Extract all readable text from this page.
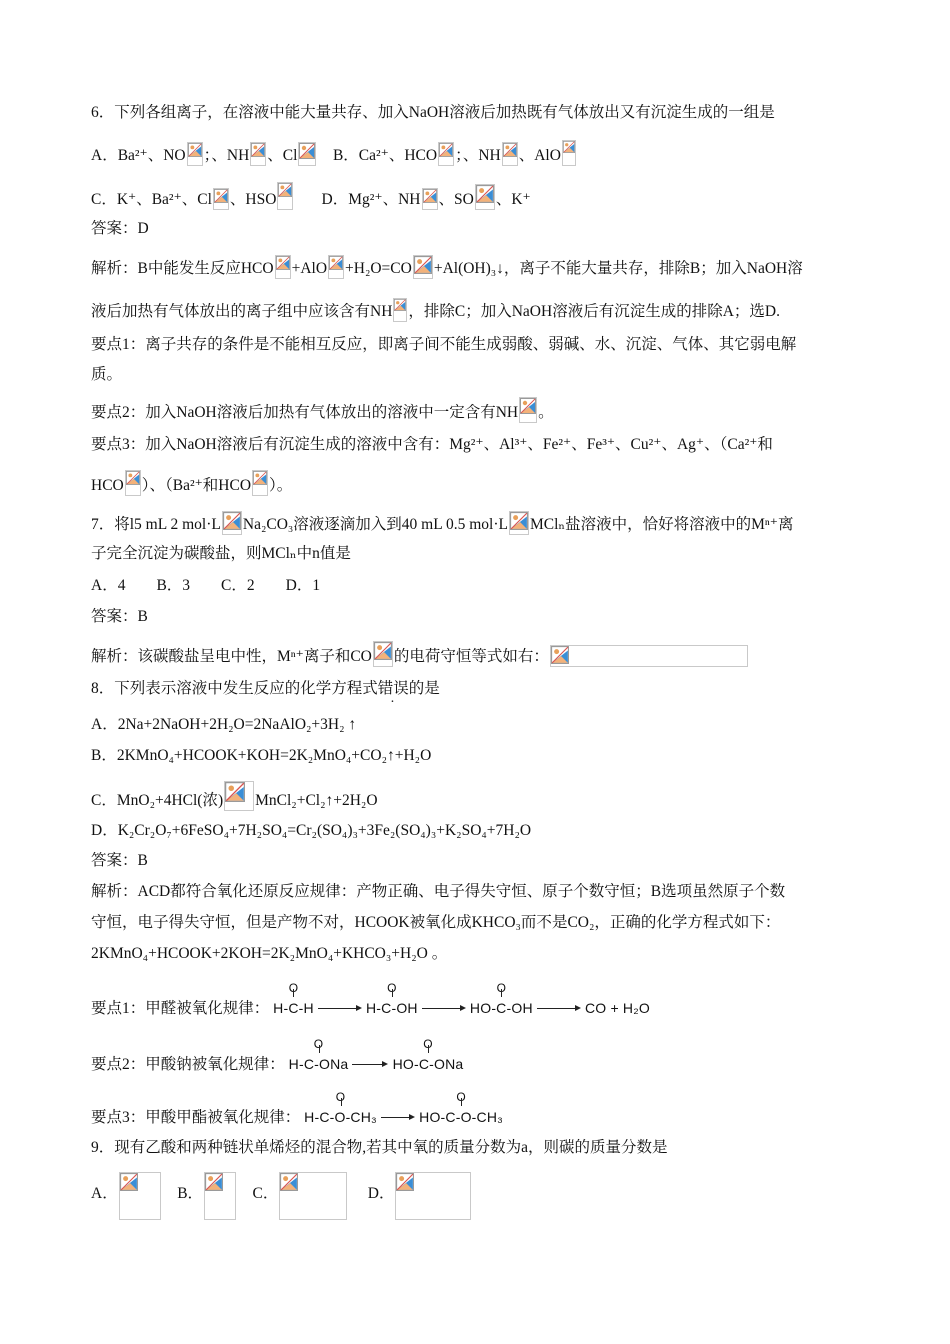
6．下列各组离子，在溶液中能大量共存、加入NaOH溶液后加热既有气体放出又有沉淀生成的一组是
A．Ba²⁺、NO ；、NH 、Cl B．Ca²⁺、HCO ；、NH 、AlO
C．K⁺、Ba²⁺、Cl 、HSO	D．Mg²⁺、NH 、SO 、K⁺
答案：D
解析：B中能发生反应HCO +AlO +H₂O=CO +Al(OH)₃↓，离子不能大量共存，排除B；加入NaOH溶
液后加热有气体放出的离子组中应该含有NH ，排除C；加入NaOH溶液后有沉淀生成的排除A；选D.
要点1：离子共存的条件是不能相互反应，即离子间不能生成弱酸、弱碱、水、沉淀、气体、其它弱电解
质。
要点2：加入NaOH溶液后加热有气体放出的溶液中一定含有NH 。
要点3：加入NaOH溶液后有沉淀生成的溶液中含有：Mg²⁺、Al³⁺、Fe²⁺、Fe³⁺、Cu²⁺、Ag⁺、（Ca²⁺和
HCO ）、（Ba²⁺和HCO ）。
7．将l5 mL 2 mol·L Na₂CO₃溶液逐滴加入到40 mL 0.5 mol·L MClₙ盐溶液中，恰好将溶液中的Mⁿ⁺离
子完全沉淀为碳酸盐，则MClₙ中n值是
A．4　　B．3　　C．2　　D．1
答案：B
解析：该碳酸盐呈电中性，Mⁿ⁺离子和CO 的电荷守恒等式如右：
8．下列表示溶液中发生反应的化学方程式错误的是
A．2Na+2NaOH+2H₂O=2NaAlO₂+3H₂ ↑
B．2KMnO₄+HCOOK+KOH=2K₂MnO₄+CO₂↑+H₂O
C．MnO₂+4HCl(浓) MnCl₂+Cl₂↑+2H₂O
D．K₂Cr₂O₇+6FeSO₄+7H₂SO₄=Cr₂(SO₄)₃+3Fe₂(SO₄)₃+K₂SO₄+7H₂O
答案：B
解析：ACD都符合氧化还原反应规律：产物正确、电子得失守恒、原子个数守恒；B选项虽然原子个数
守恒，电子得失守恒，但是产物不对，HCOOK被氧化成KHCO₃而不是CO₂，正确的化学方程式如下：
2KMnO₄+HCOOK+2KOH=2K₂MnO₄+KHCO₃+H₂O 。
要点1：甲醛被氧化规律：
O
H-C-H
O
H-C-OH
O
HO-C-OH	CO + H₂O
要点2：甲酸钠被氧化规律：
O
H-C-ONa
O
HO-C-ONa
要点3：甲酸甲酯被氧化规律：
O
H-C-O-CH₃
O
HO-C-O-CH₃
9．现有乙酸和两种链状单烯烃的混合物,若其中氧的质量分数为a，则碳的质量分数是
A．	B．	C．	D．
